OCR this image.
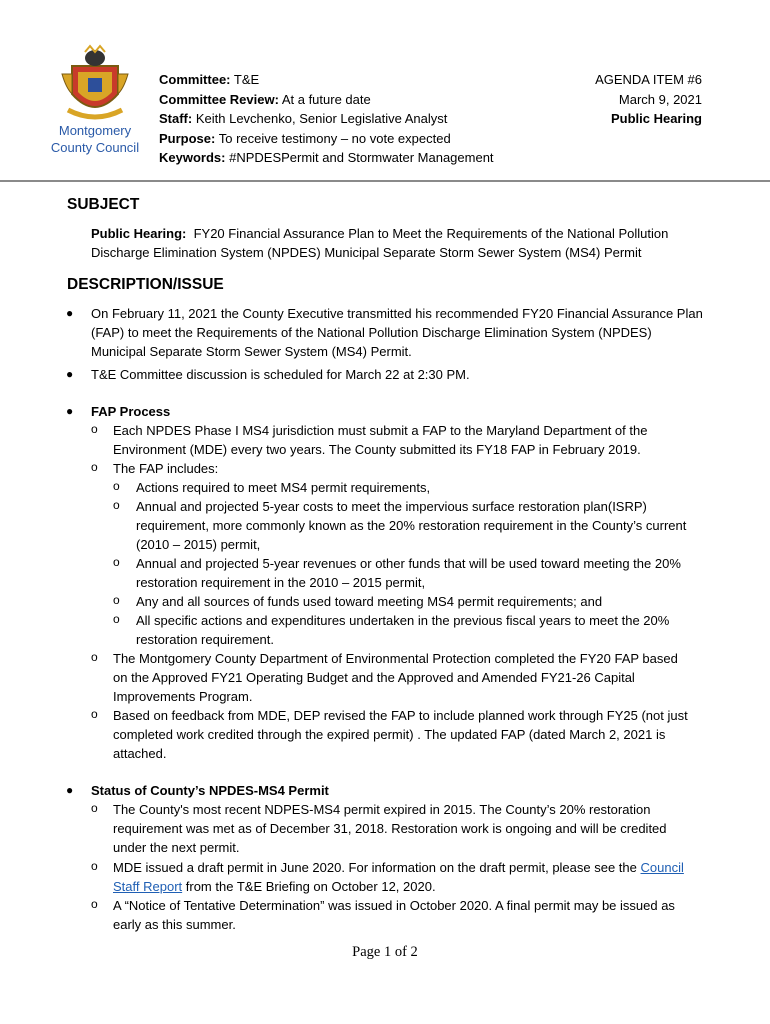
Montgomery
County Council
Committee: T&E
Committee Review: At a future date
Staff: Keith Levchenko, Senior Legislative Analyst
Purpose: To receive testimony – no vote expected
Keywords: #NPDESPermit and Stormwater Management
AGENDA ITEM #6
March 9, 2021
Public Hearing
SUBJECT
Public Hearing: FY20 Financial Assurance Plan to Meet the Requirements of the National Pollution
Discharge Elimination System (NPDES) Municipal Separate Storm Sewer System (MS4) Permit
DESCRIPTION/ISSUE
● On February 11, 2021 the County Executive transmitted his recommended FY20 Financial Assurance Plan
(FAP) to meet the Requirements of the National Pollution Discharge Elimination System (NPDES)
Municipal Separate Storm Sewer System (MS4) Permit.
● T&E Committee discussion is scheduled for March 22 at 2:30 PM.
● FAP Process
o Each NPDES Phase I MS4 jurisdiction must submit a FAP to the Maryland Department of the
Environment (MDE) every two years. The County submitted its FY18 FAP in February 2019.
o The FAP includes:
o Actions required to meet MS4 permit requirements,
o Annual and projected 5-year costs to meet the impervious surface restoration plan(ISRP)
requirement, more commonly known as the 20% restoration requirement in the County’s current
(2010 – 2015) permit,
o Annual and projected 5-year revenues or other funds that will be used toward meeting the 20%
restoration requirement in the 2010 – 2015 permit,
o Any and all sources of funds used toward meeting MS4 permit requirements; and
o All specific actions and expenditures undertaken in the previous fiscal years to meet the 20%
restoration requirement.
o The Montgomery County Department of Environmental Protection completed the FY20 FAP based
on the Approved FY21 Operating Budget and the Approved and Amended FY21-26 Capital
Improvements Program.
o Based on feedback from MDE, DEP revised the FAP to include planned work through FY25 (not just
completed work credited through the expired permit) . The updated FAP (dated March 2, 2021 is
attached.
● Status of County’s NPDES-MS4 Permit
o The County's most recent NDPES-MS4 permit expired in 2015. The County’s 20% restoration
requirement was met as of December 31, 2018. Restoration work is ongoing and will be credited
under the next permit.
o MDE issued a draft permit in June 2020. For information on the draft permit, please see the Council
Staff Report from the T&E Briefing on October 12, 2020.
o A “Notice of Tentative Determination” was issued in October 2020. A final permit may be issued as
early as this summer.
Page 1 of 2
